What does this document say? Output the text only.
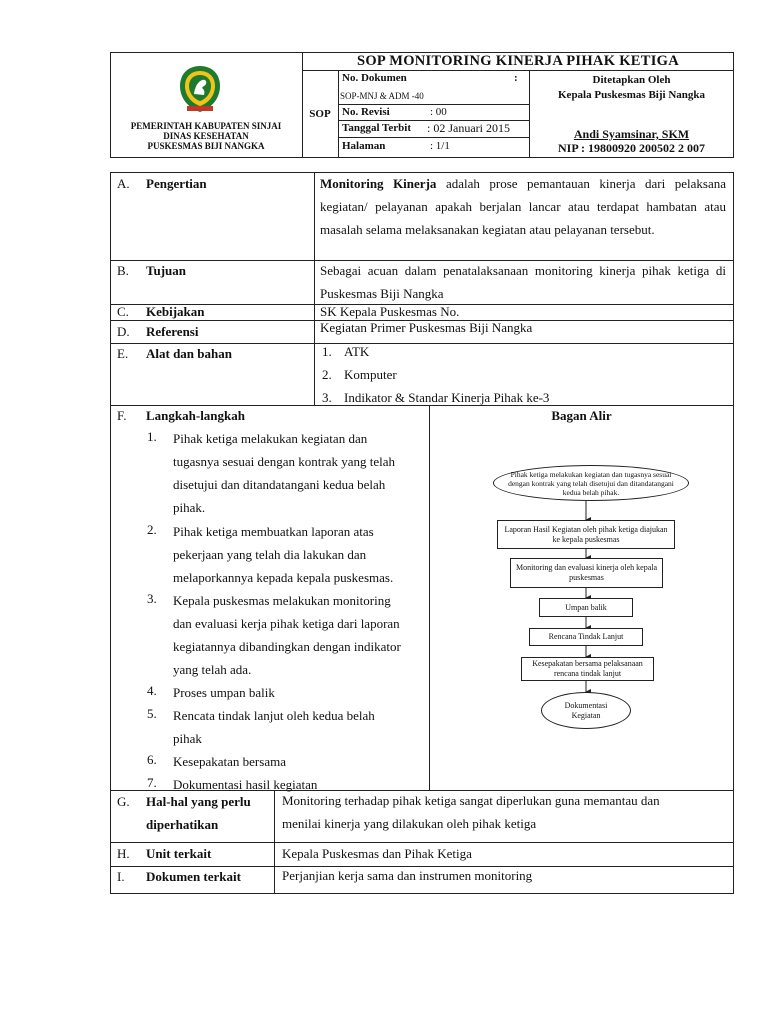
PEMERINTAH KABUPATEN SINJAI
DINAS KESEHATAN
PUSKESMAS BIJI NANGKA
SOP MONITORING KINERJA PIHAK KETIGA
SOP
No. Dokumen	:
SOP-MNJ & ADM -40
No. Revisi	: 00
Tanggal Terbit : 02 Januari 2015
Halaman	: 1/1
Ditetapkan Oleh
Kepala Puskesmas Biji Nangka
Andi Syamsinar, SKM
NIP : 19800920 200502 2 007
A. Pengertian	Monitoring Kinerja adalah prose pemantauan kinerja dari pelaksana kegiatan/ pelayanan apakah berjalan lancar atau terdapat hambatan atau masalah selama melaksanakan kegiatan atau pelayanan tersebut.
B. Tujuan	Sebagai acuan dalam penatalaksanaan monitoring kinerja pihak ketiga di Puskesmas Biji Nangka
C. Kebijakan	SK Kepala Puskesmas No.
D. Referensi	Kegiatan Primer Puskesmas Biji Nangka
E. Alat dan bahan	1. ATK
2. Komputer
3. Indikator & Standar Kinerja Pihak ke-3
F. Langkah-langkah	Bagan Alir
1. Pihak ketiga melakukan kegiatan dan
tugasnya sesuai dengan kontrak yang telah
disetujui dan ditandatangani kedua belah
pihak.
2. Pihak ketiga membuatkan laporan atas
pekerjaan yang telah dia lakukan dan
melaporkannya kepada kepala puskesmas.
3. Kepala puskesmas melakukan monitoring
dan evaluasi kerja pihak ketiga dari laporan
kegiatannya dibandingkan dengan indikator
yang telah ada.
4. Proses umpan balik
5. Rencata tindak lanjut oleh kedua belah
pihak
6. Kesepakatan bersama
7. Dokumentasi hasil kegiatan
Pihak ketiga melakukan kegiatan dan tugasnya sesuai dengan kontrak yang telah disetujui dan ditandatangani kedua belah pihak.
Laporan Hasil Kegiatan oleh pihak ketiga diajukan ke kepala puskesmas
Monitoring dan evaluasi kinerja oleh kepala puskesmas
Umpan balik
Rencana Tindak Lanjut
Kesepakatan bersama pelaksanaan rencana tindak lanjut
Dokumentasi Kegiatan
G. Hal-hal yang perlu
diperhatikan
Monitoring terhadap pihak ketiga sangat diperlukan guna memantau dan
menilai kinerja yang dilakukan oleh pihak ketiga
H. Unit terkait	Kepala Puskesmas dan Pihak Ketiga
I. Dokumen terkait	Perjanjian kerja sama dan instrumen monitoring
